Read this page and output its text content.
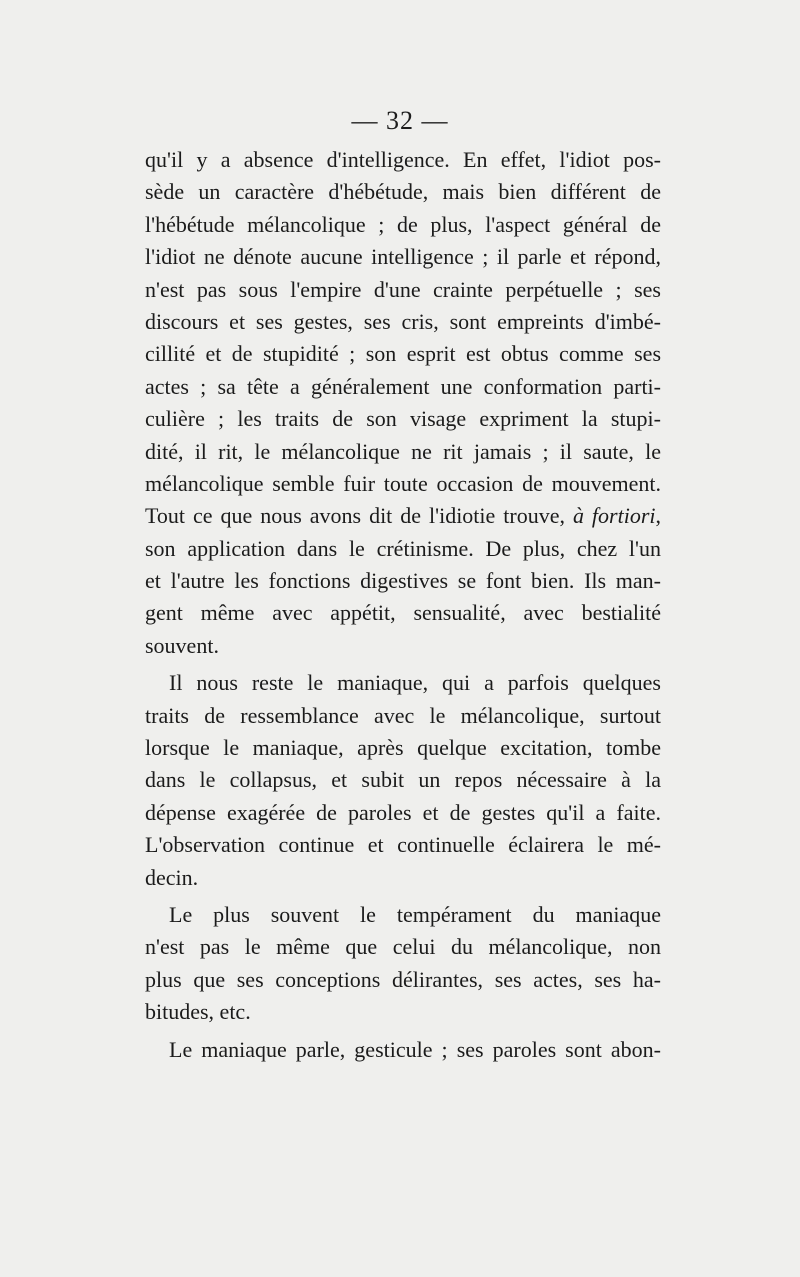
— 32 —
qu'il y a absence d'intelligence. En effet, l'idiot pos-
sède un caractère d'hébétude, mais bien différent de
l'hébétude mélancolique ; de plus, l'aspect général de
l'idiot ne dénote aucune intelligence ; il parle et répond,
n'est pas sous l'empire d'une crainte perpétuelle ; ses
discours et ses gestes, ses cris, sont empreints d'imbé-
cillité et de stupidité ; son esprit est obtus comme ses
actes ; sa tête a généralement une conformation parti-
culière ; les traits de son visage expriment la stupi-
dité, il rit, le mélancolique ne rit jamais ; il saute, le
mélancolique semble fuir toute occasion de mouvement.
Tout ce que nous avons dit de l'idiotie trouve, à fortiori,
son application dans le crétinisme. De plus, chez l'un
et l'autre les fonctions digestives se font bien. Ils man-
gent même avec appétit, sensualité, avec bestialité
souvent.
Il nous reste le maniaque, qui a parfois quelques
traits de ressemblance avec le mélancolique, surtout
lorsque le maniaque, après quelque excitation, tombe
dans le collapsus, et subit un repos nécessaire à la
dépense exagérée de paroles et de gestes qu'il a faite.
L'observation continue et continuelle éclairera le mé-
decin.
Le plus souvent le tempérament du maniaque
n'est pas le même que celui du mélancolique, non
plus que ses conceptions délirantes, ses actes, ses ha-
bitudes, etc.
Le maniaque parle, gesticule ; ses paroles sont abon-
